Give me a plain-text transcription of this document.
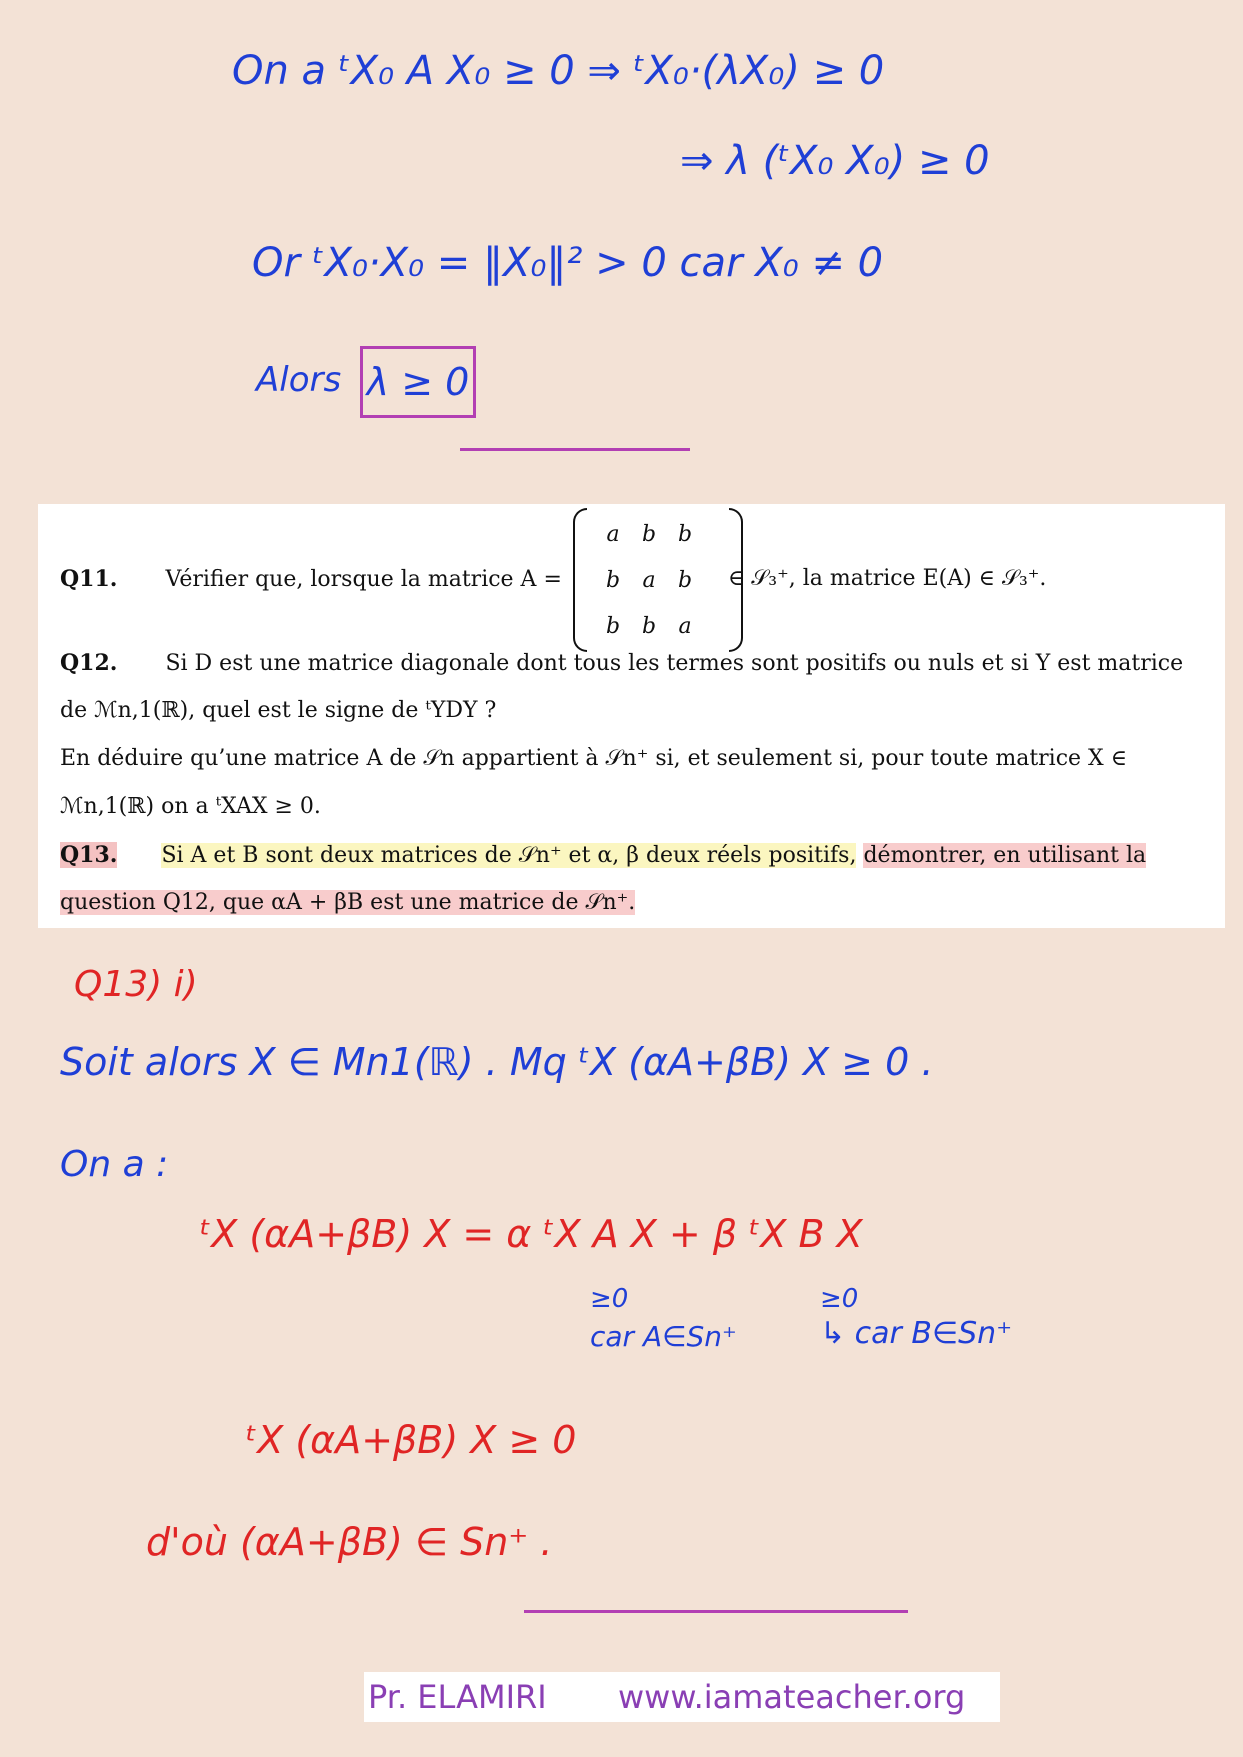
On a ᵗX₀ A X₀ ≥ 0 ⇒ ᵗX₀·(λX₀) ≥ 0
⇒ λ (ᵗX₀ X₀) ≥ 0
Or ᵗX₀·X₀ = ‖X₀‖² > 0 car X₀ ≠ 0
Alors λ ≥ 0
Q11. Vérifier que, lorsque la matrice A =
a	b b
b	a	b
b b	a
∈ 𝒮₃⁺, la matrice E(A) ∈ 𝒮₃⁺.
Q12. Si D est une matrice diagonale dont tous les termes sont positifs ou nuls et si Y est matrice
de ℳn,1(ℝ), quel est le signe de ᵗYDY ?
En déduire qu’une matrice A de 𝒮n appartient à 𝒮n⁺ si, et seulement si, pour toute matrice X ∈
ℳn,1(ℝ) on a ᵗXAX ≥ 0.
Q13. Si A et B sont deux matrices de 𝒮n⁺ et α, β deux réels positifs, démontrer, en utilisant la
question Q12, que αA + βB est une matrice de 𝒮n⁺.
Q13) i)
Soit alors X ∈ Mn1(ℝ) . Mq ᵗX (αA+βB) X ≥ 0 .
On a :
ᵗX (αA+βB) X = α ᵗX A X + β ᵗX B X
≥0
car A∈Sn⁺
≥0
↳ car B∈Sn⁺
ᵗX (αA+βB) X ≥ 0
d'où (αA+βB) ∈ Sn⁺ .
Pr. ELAMIRI	www.iamateacher.org
